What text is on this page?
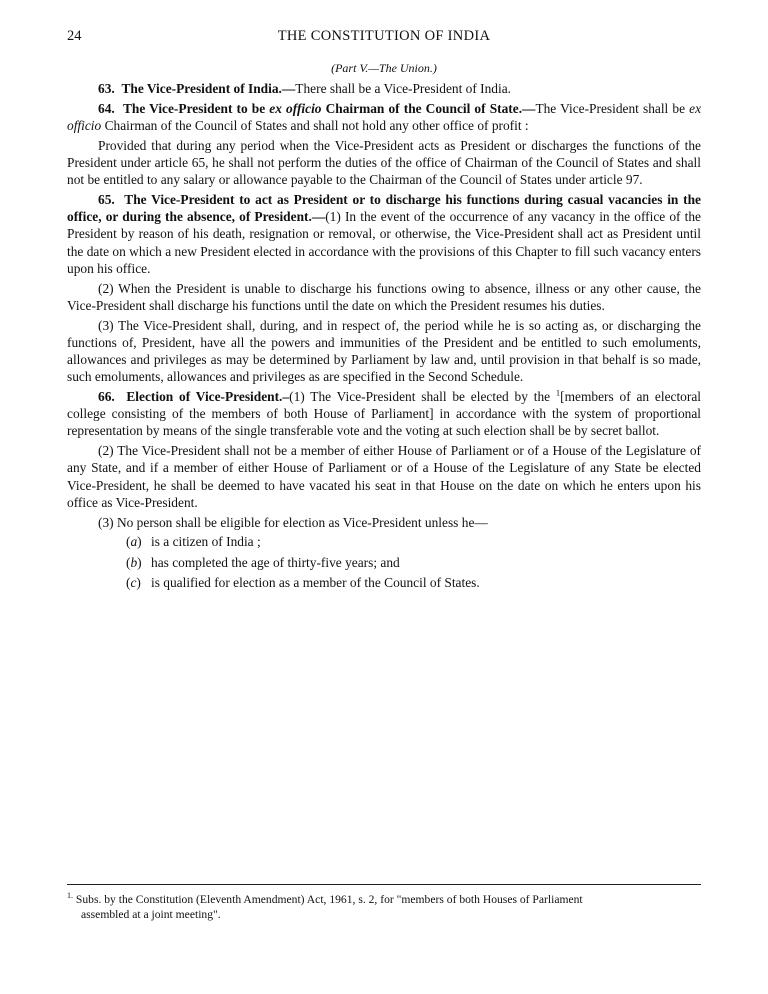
24	THE CONSTITUTION OF INDIA
(Part V.—The Union.)

63. The Vice-President of India.—There shall be a Vice-President of India.

64. The Vice-President to be ex officio Chairman of the Council of State.—The Vice-President shall be ex officio Chairman of the Council of States and shall not hold any other office of profit :

Provided that during any period when the Vice-President acts as President or discharges the functions of the President under article 65, he shall not perform the duties of the office of Chairman of the Council of States and shall not be entitled to any salary or allowance payable to the Chairman of the Council of States under article 97.

65. The Vice-President to act as President or to discharge his functions during casual vacancies in the office, or during the absence, of President.—(1) In the event of the occurrence of any vacancy in the office of the President by reason of his death, resignation or removal, or otherwise, the Vice-President shall act as President until the date on which a new President elected in accordance with the provisions of this Chapter to fill such vacancy enters upon his office.

(2) When the President is unable to discharge his functions owing to absence, illness or any other cause, the Vice-President shall discharge his functions until the date on which the President resumes his duties.

(3) The Vice-President shall, during, and in respect of, the period while he is so acting as, or discharging the functions of, President, have all the powers and immunities of the President and be entitled to such emoluments, allowances and privileges as may be determined by Parliament by law and, until provision in that behalf is so made, such emoluments, allowances and privileges as are specified in the Second Schedule.

66. Election of Vice-President.–(1) The Vice-President shall be elected by the $^1$[members of an electoral college consisting of the members of both House of Parliament] in accordance with the system of proportional representation by means of the single transferable vote and the voting at such election shall be by secret ballot.

(2) The Vice-President shall not be a member of either House of Parliament or of a House of the Legislature of any State, and if a member of either House of Parliament or of a House of the Legislature of any State be elected Vice-President, he shall be deemed to have vacated his seat in that House on the date on which he enters upon his office as Vice-President.

(3) No person shall be eligible for election as Vice-President unless he—

(a) is a citizen of India ;
(b) has completed the age of thirty-five years; and
(c) is qualified for election as a member of the Council of States.
$^{1.}$ Subs. by the Constitution (Eleventh Amendment) Act, 1961, s. 2, for "members of both Houses of Parliament
assembled at a joint meeting".
